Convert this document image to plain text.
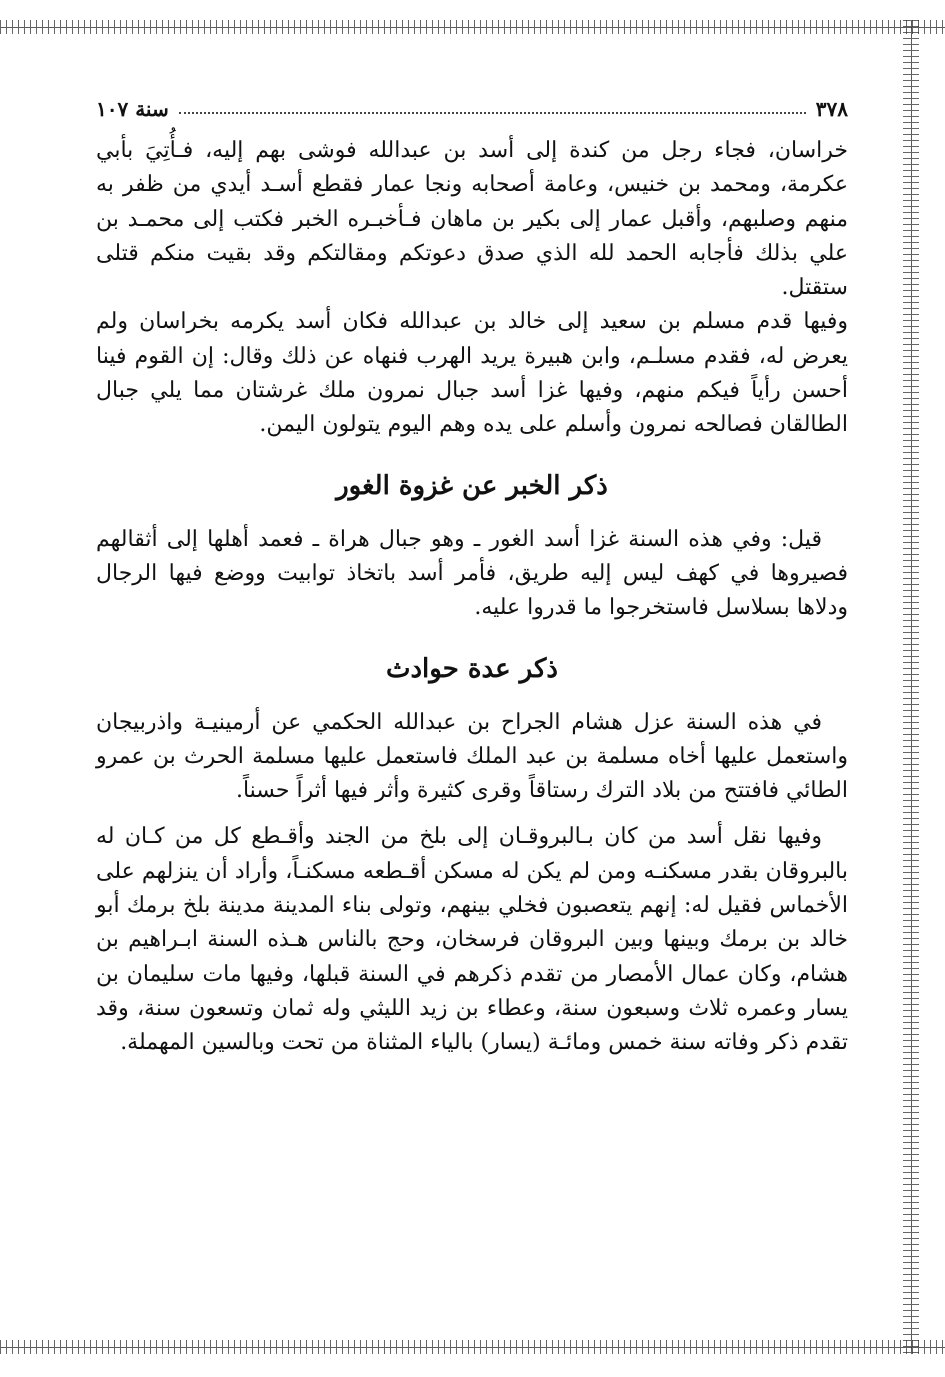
٣٧٨
سنة ١٠٧

خراسان، فجاء رجل من كندة إلى أسد بن عبدالله فوشى بهم إليه، فـأُتِيَ بأبي عكرمة، ومحمد بن خنيس، وعامة أصحابه ونجا عمار فقطع أسـد أيدي من ظفر به منهم وصلبهم، وأقبل عمار إلى بكير بن ماهان فـأخبـره الخبر فكتب إلى محمـد بن علي بذلك فأجابه الحمد لله الذي صدق دعوتكم ومقالتكم وقد بقيت منكم قتلى ستقتل.

وفيها قدم مسلم بن سعيد إلى خالد بن عبدالله فكان أسد يكرمه بخراسان ولم يعرض له، فقدم مسلـم، وابن هبيرة يريد الهرب فنهاه عن ذلك وقال: إن القوم فينا أحسن رأياً فيكم منهم، وفيها غزا أسد جبال نمرون ملك غرشتان مما يلي جبال الطالقان فصالحه نمرون وأسلم على يده وهم اليوم يتولون اليمن.

ذكر الخبر عن غزوة الغور

قيل: وفي هذه السنة غزا أسد الغور ـ وهو جبال هراة ـ فعمد أهلها إلى أثقالهم فصيروها في كهف ليس إليه طريق، فأمر أسد باتخاذ توابيت ووضع فيها الرجال ودلاها بسلاسل فاستخرجوا ما قدروا عليه.

ذكر عدة حوادث

في هذه السنة عزل هشام الجراح بن عبدالله الحكمي عن أرمينيـة واذربيجان واستعمل عليها أخاه مسلمة بن عبد الملك فاستعمل عليها مسلمة الحرث بن عمرو الطائي فافتتح من بلاد الترك رستاقاً وقرى كثيرة وأثر فيها أثراً حسناً.

وفيها نقل أسد من كان بـالبروقـان إلى بلخ من الجند وأقـطع كل من كـان له بالبروقان بقدر مسكنـه ومن لم يكن له مسكن أقـطعه مسكنـاً، وأراد أن ينزلهم على الأخماس فقيل له: إنهم يتعصبون فخلي بينهم، وتولى بناء المدينة مدينة بلخ برمك أبو خالد بن برمك وبينها وبين البروقان فرسخان، وحج بالناس هـذه السنة ابـراهيم بن هشام، وكان عمال الأمصار من تقدم ذكرهم في السنة قبلها، وفيها مات سليمان بن يسار وعمره ثلاث وسبعون سنة، وعطاء بن زيد الليثي وله ثمان وتسعون سنة، وقد تقدم ذكر وفاته سنة خمس ومائـة (يسار) بالياء المثناة من تحت وبالسين المهملة.
